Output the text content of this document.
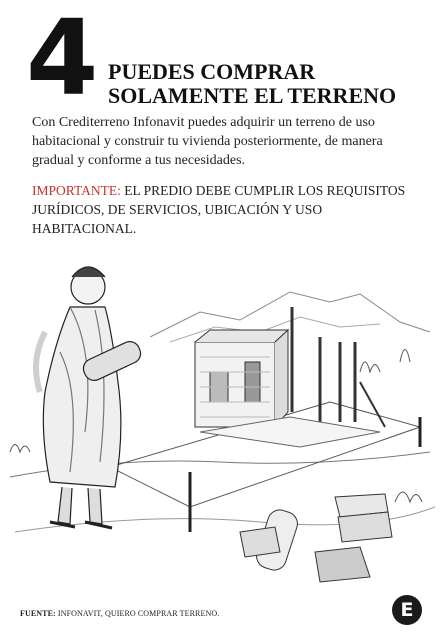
4 PUEDES COMPRAR
SOLAMENTE EL TERRENO

Con Crediterreno Infonavit puedes adquirir un terreno de uso habitacional y construir tu vivienda posteriormente, de manera gradual y conforme a tus necesidades.

IMPORTANTE: EL PREDIO DEBE CUMPLIR LOS REQUISITOS JURÍDICOS, DE SERVICIOS, UBICACIÓN Y USO HABITACIONAL.

FUENTE: INFONAVIT, QUIERO COMPRAR TERRENO.	E
